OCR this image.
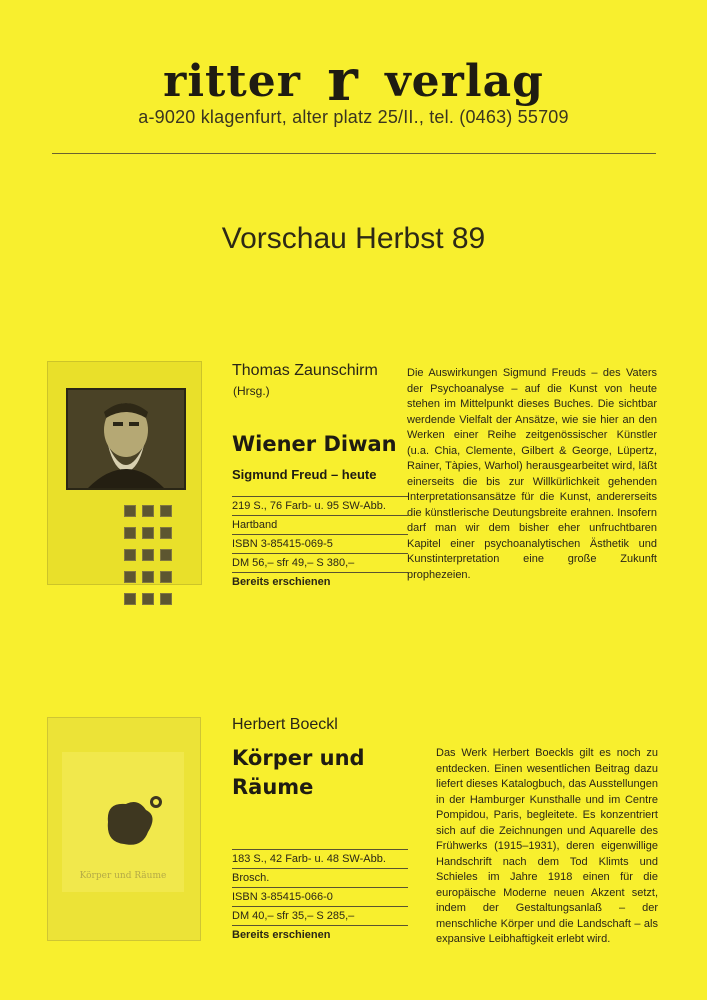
ritter r verlag
a-9020 klagenfurt, alter platz 25/II., tel. (0463) 55709
Vorschau Herbst 89

Thomas Zaunschirm
(Hrsg.)
Wiener Diwan
Sigmund Freud – heute
219 S., 76 Farb- u. 95 SW-Abb.
Hartband
ISBN 3-85415-069-5
DM 56,– sfr 49,– S 380,–
Bereits erschienen
Die Auswirkungen Sigmund Freuds – des Vaters der Psychoanalyse – auf die Kunst von heute stehen im Mittelpunkt dieses Buches. Die sichtbar werdende Vielfalt der Ansätze, wie sie hier an den Werken einer Reihe zeitgenössischer Künstler (u.a. Chia, Clemente, Gilbert & George, Lüpertz, Rainer, Tàpies, Warhol) herausgearbeitet wird, läßt einerseits die bis zur Willkürlichkeit gehenden Interpretationsansätze für die Kunst, andererseits die künstlerische Deutungsbreite erahnen. Insofern darf man wir dem bisher eher unfruchtbaren Kapitel einer psychoanalytischen Ästhetik und Kunstinterpretation eine große Zukunft prophezeien.
Körper und Räume
Herbert Boeckl
Körper und
Räume
183 S., 42 Farb- u. 48 SW-Abb.
Brosch.
ISBN 3-85415-066-0
DM 40,– sfr 35,– S 285,–
Bereits erschienen
Das Werk Herbert Boeckls gilt es noch zu entdecken. Einen wesentlichen Beitrag dazu liefert dieses Katalogbuch, das Ausstellungen in der Hamburger Kunsthalle und im Centre Pompidou, Paris, begleitete. Es konzentriert sich auf die Zeichnungen und Aquarelle des Frühwerks (1915–1931), deren eigenwillige Handschrift nach dem Tod Klimts und Schieles im Jahre 1918 einen für die europäische Moderne neuen Akzent setzt, indem der Gestaltungsanlaß – der menschliche Körper und die Landschaft – als expansive Leibhaftigkeit erlebt wird.
